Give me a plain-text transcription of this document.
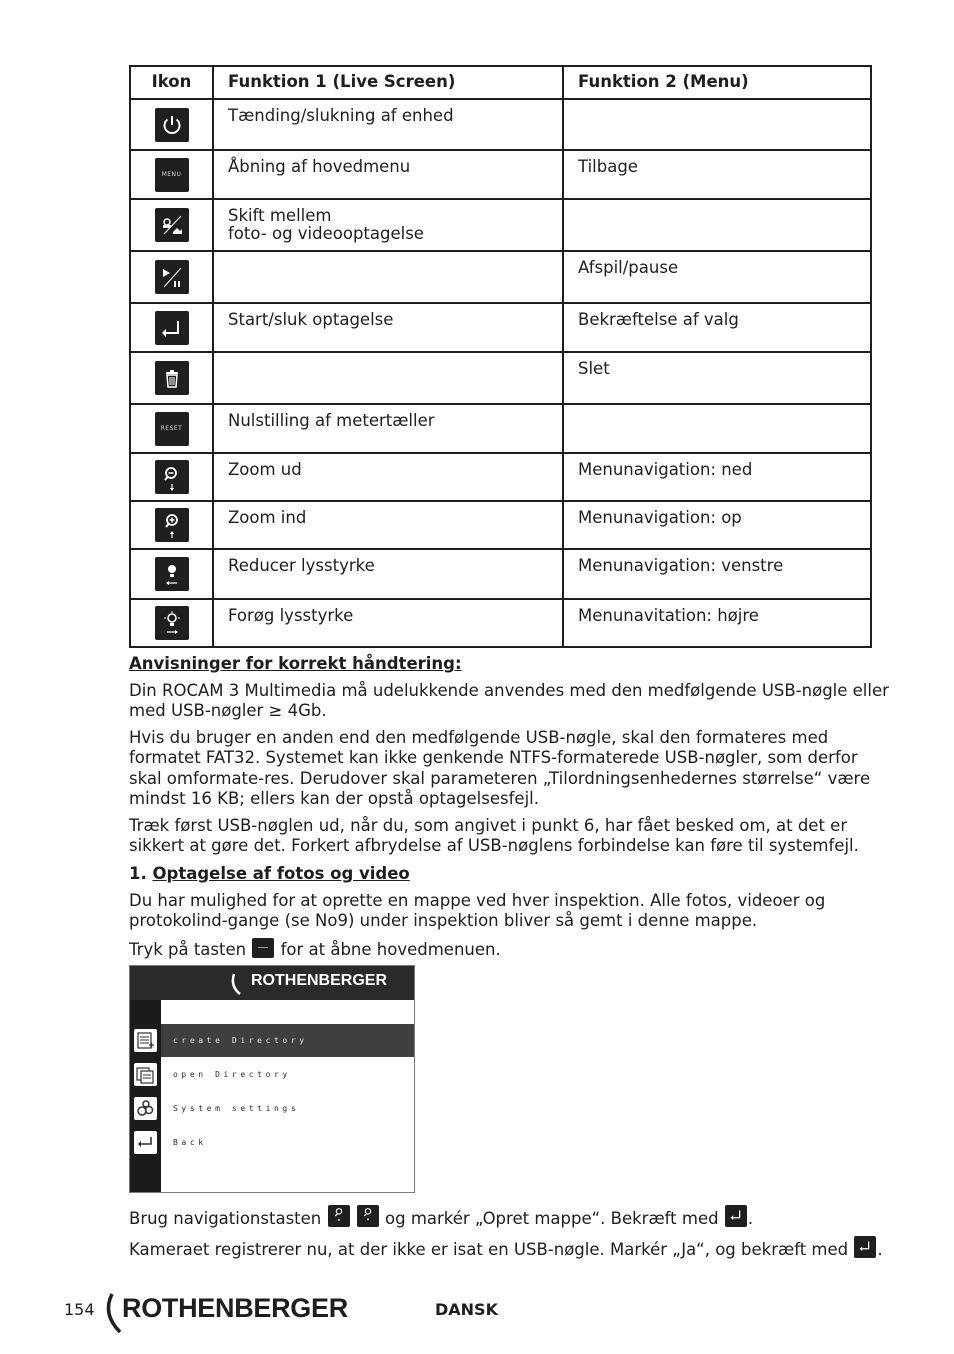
Ikon	Funktion 1 (Live Screen)	Funktion 2 (Menu)

	Tænding/slukning af enhed	
MENU	Åbning af hovedmenu	Tilbage

	Skift mellem
foto- og videooptagelse	

		Afspil/pause

	Start/sluk optagelse	Bekræftelse af valg

		Slet
RESET	Nulstilling af metertæller	

	Zoom ud	Menunavigation: ned

	Zoom ind	Menunavigation: op

	Reducer lysstyrke	Menunavigation: venstre

	Forøg lysstyrke	Menunavitation: højre

Anvisninger for korrekt håndtering:

Din ROCAM 3 Multimedia må udelukkende anvendes med den medfølgende USB-nøgle eller med USB-nøgler ≥ 4Gb.

Hvis du bruger en anden end den medfølgende USB-nøgle, skal den formateres med formatet FAT32. Systemet kan ikke genkende NTFS-formaterede USB-nøgler, som derfor skal omformate-res. Derudover skal parameteren „Tilordningsenhedernes størrelse“ være mindst 16 KB; ellers kan der opstå optagelsesfejl.

Træk først USB-nøglen ud, når du, som angivet i punkt 6, har fået besked om, at det er sikkert at gøre det. Forkert afbrydelse af USB-nøglens forbindelse kan føre til systemfejl.

1. Optagelse af fotos og video

Du har mulighed for at oprette en mappe ved hver inspektion. Alle fotos, videoer og protokolind-gange (se No9) under inspektion bliver så gemt i denne mappe.

Tryk på tasten for at åbne hovedmenuen.

ROTHENBERGER
create Directory
open Directory
System settings
Back

Brug navigationstasten
	og markér „Opret mappe“. Bekræft med .

Kameraet registrerer nu, at der ikke er isat en USB-nøgle. Markér „Ja“, og bekræft med .

154 ROTHENBERGER	DANSK
